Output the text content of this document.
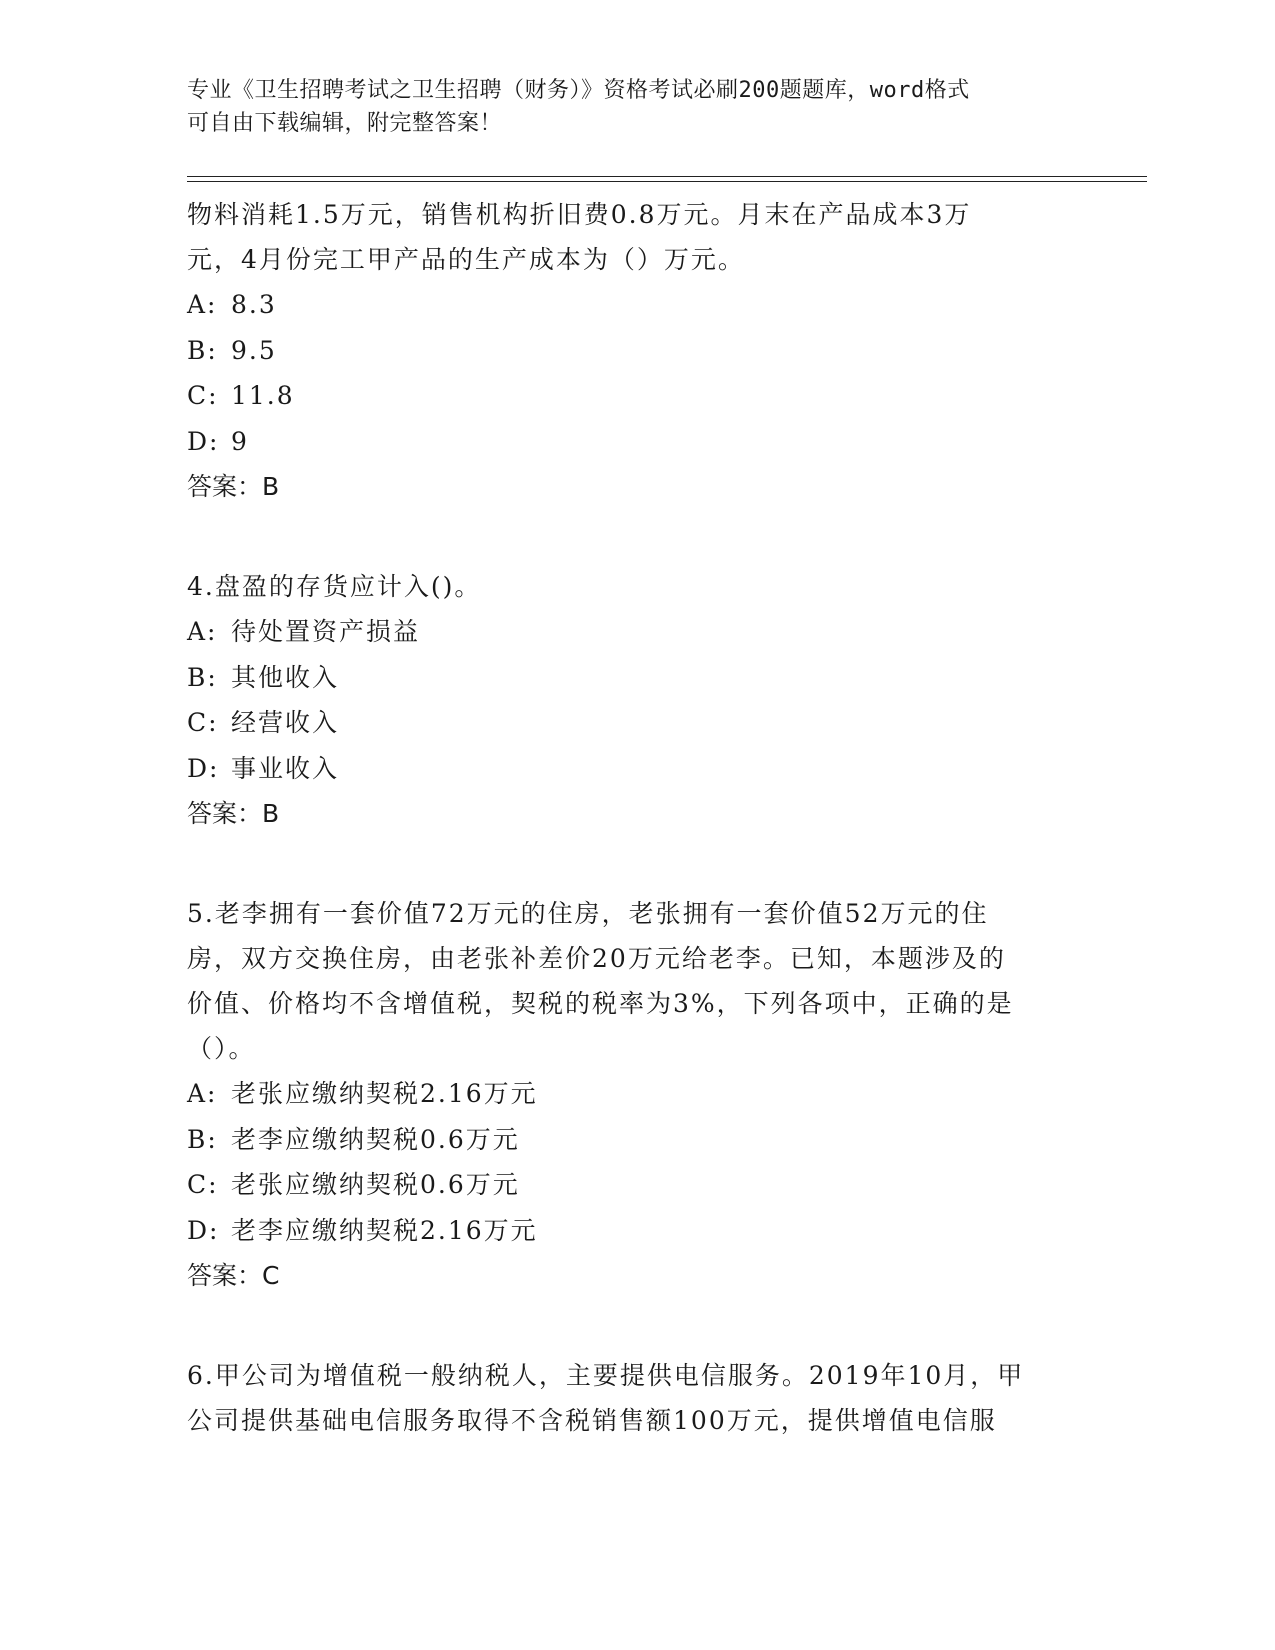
专业《卫生招聘考试之卫生招聘（财务）》资格考试必刷200题题库，word格式
可自由下载编辑，附完整答案！
物料消耗1.5万元，销售机构折旧费0.8万元。月末在产品成本3万
元，4月份完工甲产品的生产成本为（）万元。
A: 8.3
B: 9.5
C: 11.8
D: 9
答案：B
4.盘盈的存货应计入()。
A: 待处置资产损益
B: 其他收入
C: 经营收入
D: 事业收入
答案：B
5.老李拥有一套价值72万元的住房，老张拥有一套价值52万元的住
房，双方交换住房，由老张补差价20万元给老李。已知，本题涉及的
价值、价格均不含增值税，契税的税率为3%，下列各项中，正确的是
（）。
A: 老张应缴纳契税2.16万元
B: 老李应缴纳契税0.6万元
C: 老张应缴纳契税0.6万元
D: 老李应缴纳契税2.16万元
答案：C
6.甲公司为增值税一般纳税人，主要提供电信服务。2019年10月，甲
公司提供基础电信服务取得不含税销售额100万元，提供增值电信服
